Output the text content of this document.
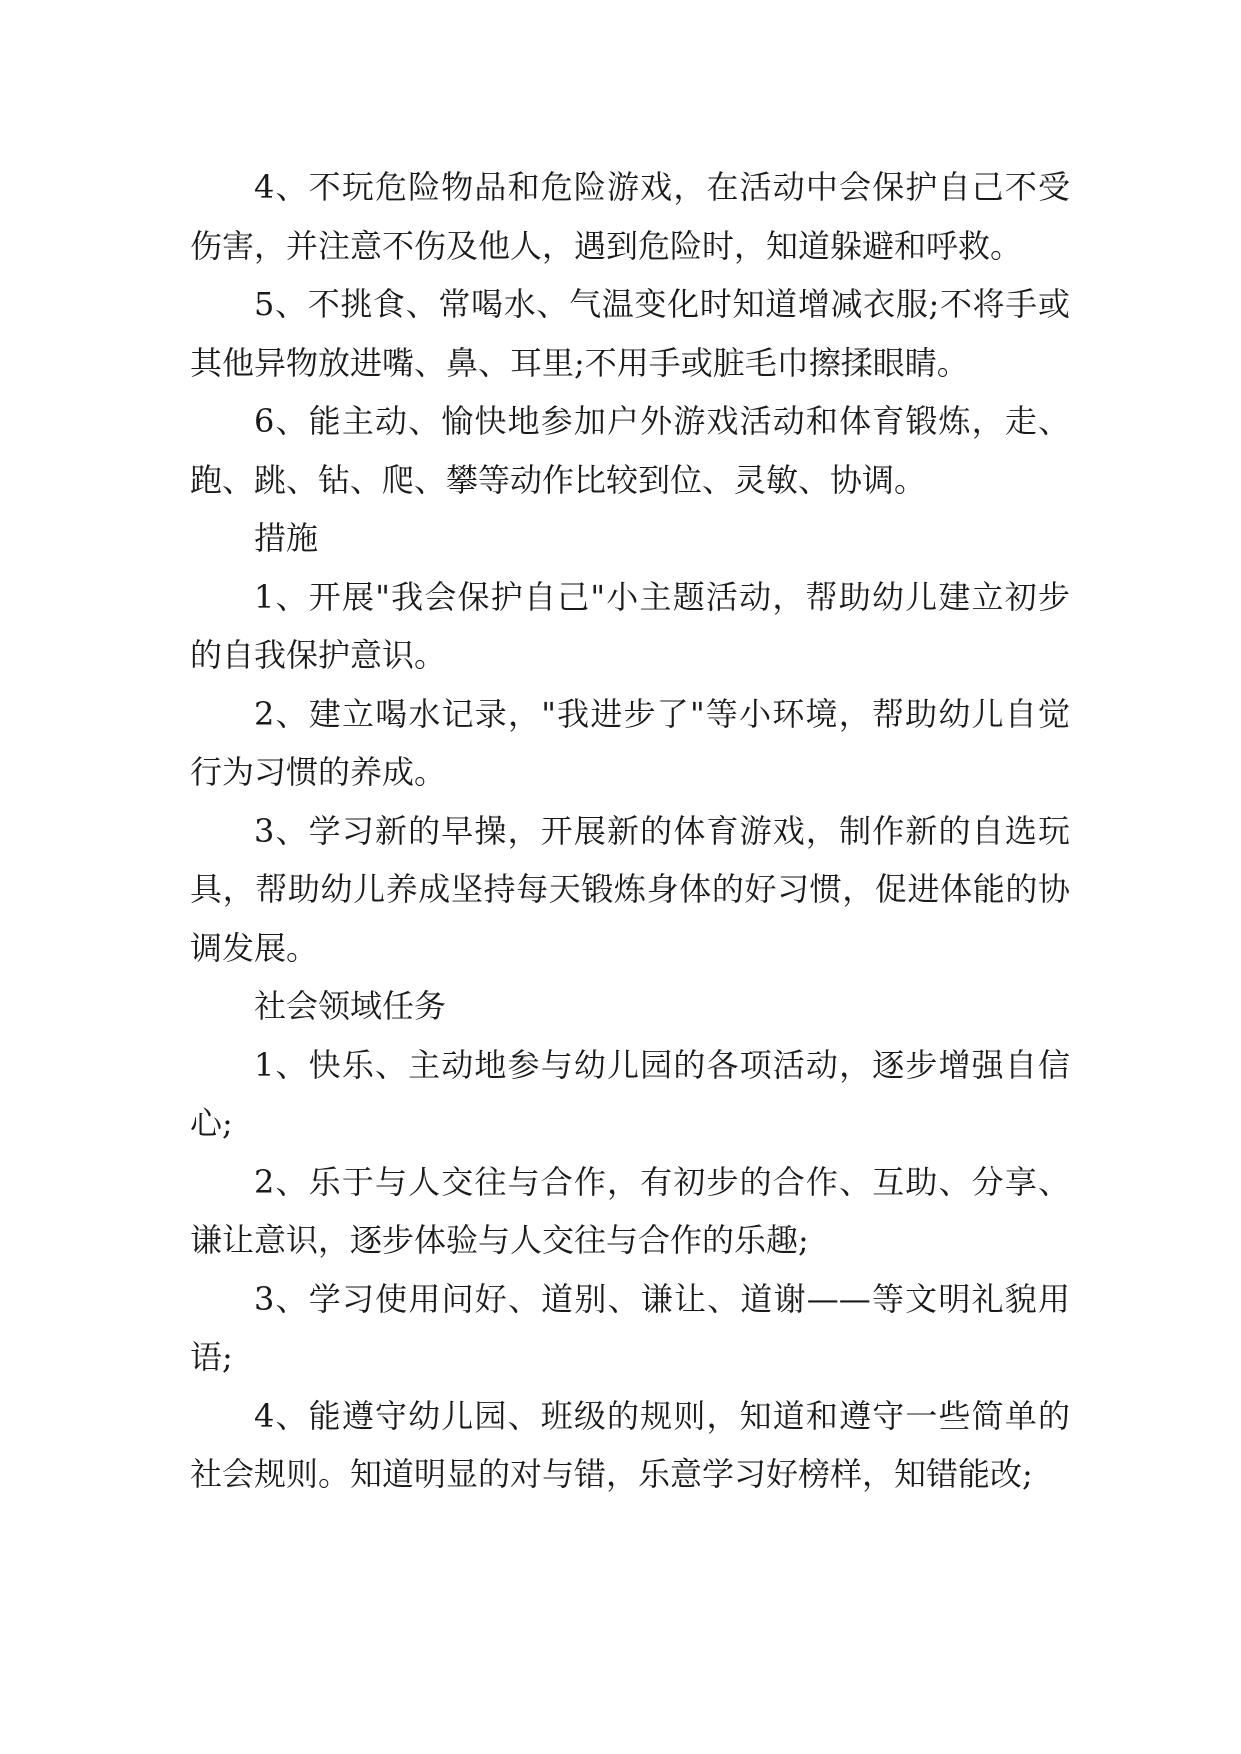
4、不玩危险物品和危险游戏，在活动中会保护自己不受伤害，并注意不伤及他人，遇到危险时，知道躲避和呼救。

5、不挑食、常喝水、气温变化时知道增减衣服;不将手或其他异物放进嘴、鼻、耳里;不用手或脏毛巾擦揉眼睛。

6、能主动、愉快地参加户外游戏活动和体育锻炼，走、跑、跳、钻、爬、攀等动作比较到位、灵敏、协调。

措施

1、开展"我会保护自己"小主题活动，帮助幼儿建立初步的自我保护意识。

2、建立喝水记录，"我进步了"等小环境，帮助幼儿自觉行为习惯的养成。

3、学习新的早操，开展新的体育游戏，制作新的自选玩具，帮助幼儿养成坚持每天锻炼身体的好习惯，促进体能的协调发展。

社会领域任务

1、快乐、主动地参与幼儿园的各项活动，逐步增强自信心;

2、乐于与人交往与合作，有初步的合作、互助、分享、谦让意识，逐步体验与人交往与合作的乐趣;

3、学习使用问好、道别、谦让、道谢——等文明礼貌用语;

4、能遵守幼儿园、班级的规则，知道和遵守一些简单的社会规则。知道明显的对与错，乐意学习好榜样，知错能改;
